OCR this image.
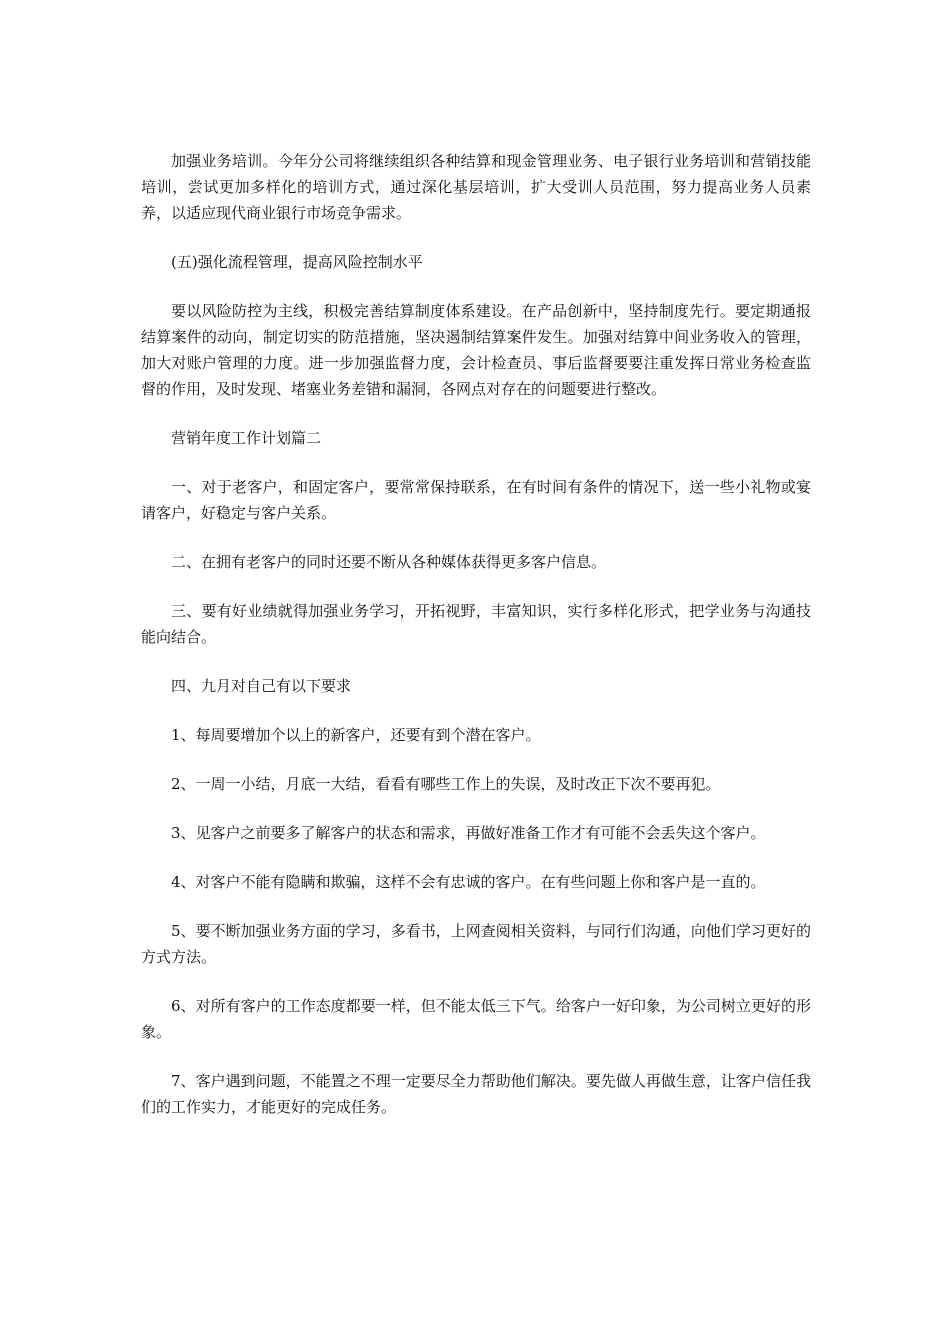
加强业务培训。今年分公司将继续组织各种结算和现金管理业务、电子银行业务培训和营销技能培训，尝试更加多样化的培训方式，通过深化基层培训，扩大受训人员范围，努力提高业务人员素养，以适应现代商业银行市场竞争需求。

(五)强化流程管理，提高风险控制水平

要以风险防控为主线，积极完善结算制度体系建设。在产品创新中，坚持制度先行。要定期通报结算案件的动向，制定切实的防范措施，坚决遏制结算案件发生。加强对结算中间业务收入的管理，加大对账户管理的力度。进一步加强监督力度，会计检查员、事后监督要要注重发挥日常业务检查监督的作用，及时发现、堵塞业务差错和漏洞，各网点对存在的问题要进行整改。

营销年度工作计划篇二

一、对于老客户，和固定客户，要常常保持联系，在有时间有条件的情况下，送一些小礼物或宴请客户，好稳定与客户关系。

二、在拥有老客户的同时还要不断从各种媒体获得更多客户信息。

三、要有好业绩就得加强业务学习，开拓视野，丰富知识，实行多样化形式，把学业务与沟通技能向结合。

四、九月对自己有以下要求

1、每周要增加个以上的新客户，还要有到个潜在客户。

2、一周一小结，月底一大结，看看有哪些工作上的失误，及时改正下次不要再犯。

3、见客户之前要多了解客户的状态和需求，再做好准备工作才有可能不会丢失这个客户。

4、对客户不能有隐瞒和欺骗，这样不会有忠诚的客户。在有些问题上你和客户是一直的。

5、要不断加强业务方面的学习，多看书，上网查阅相关资料，与同行们沟通，向他们学习更好的方式方法。

6、对所有客户的工作态度都要一样，但不能太低三下气。给客户一好印象，为公司树立更好的形象。

7、客户遇到问题，不能置之不理一定要尽全力帮助他们解决。要先做人再做生意，让客户信任我们的工作实力，才能更好的完成任务。
